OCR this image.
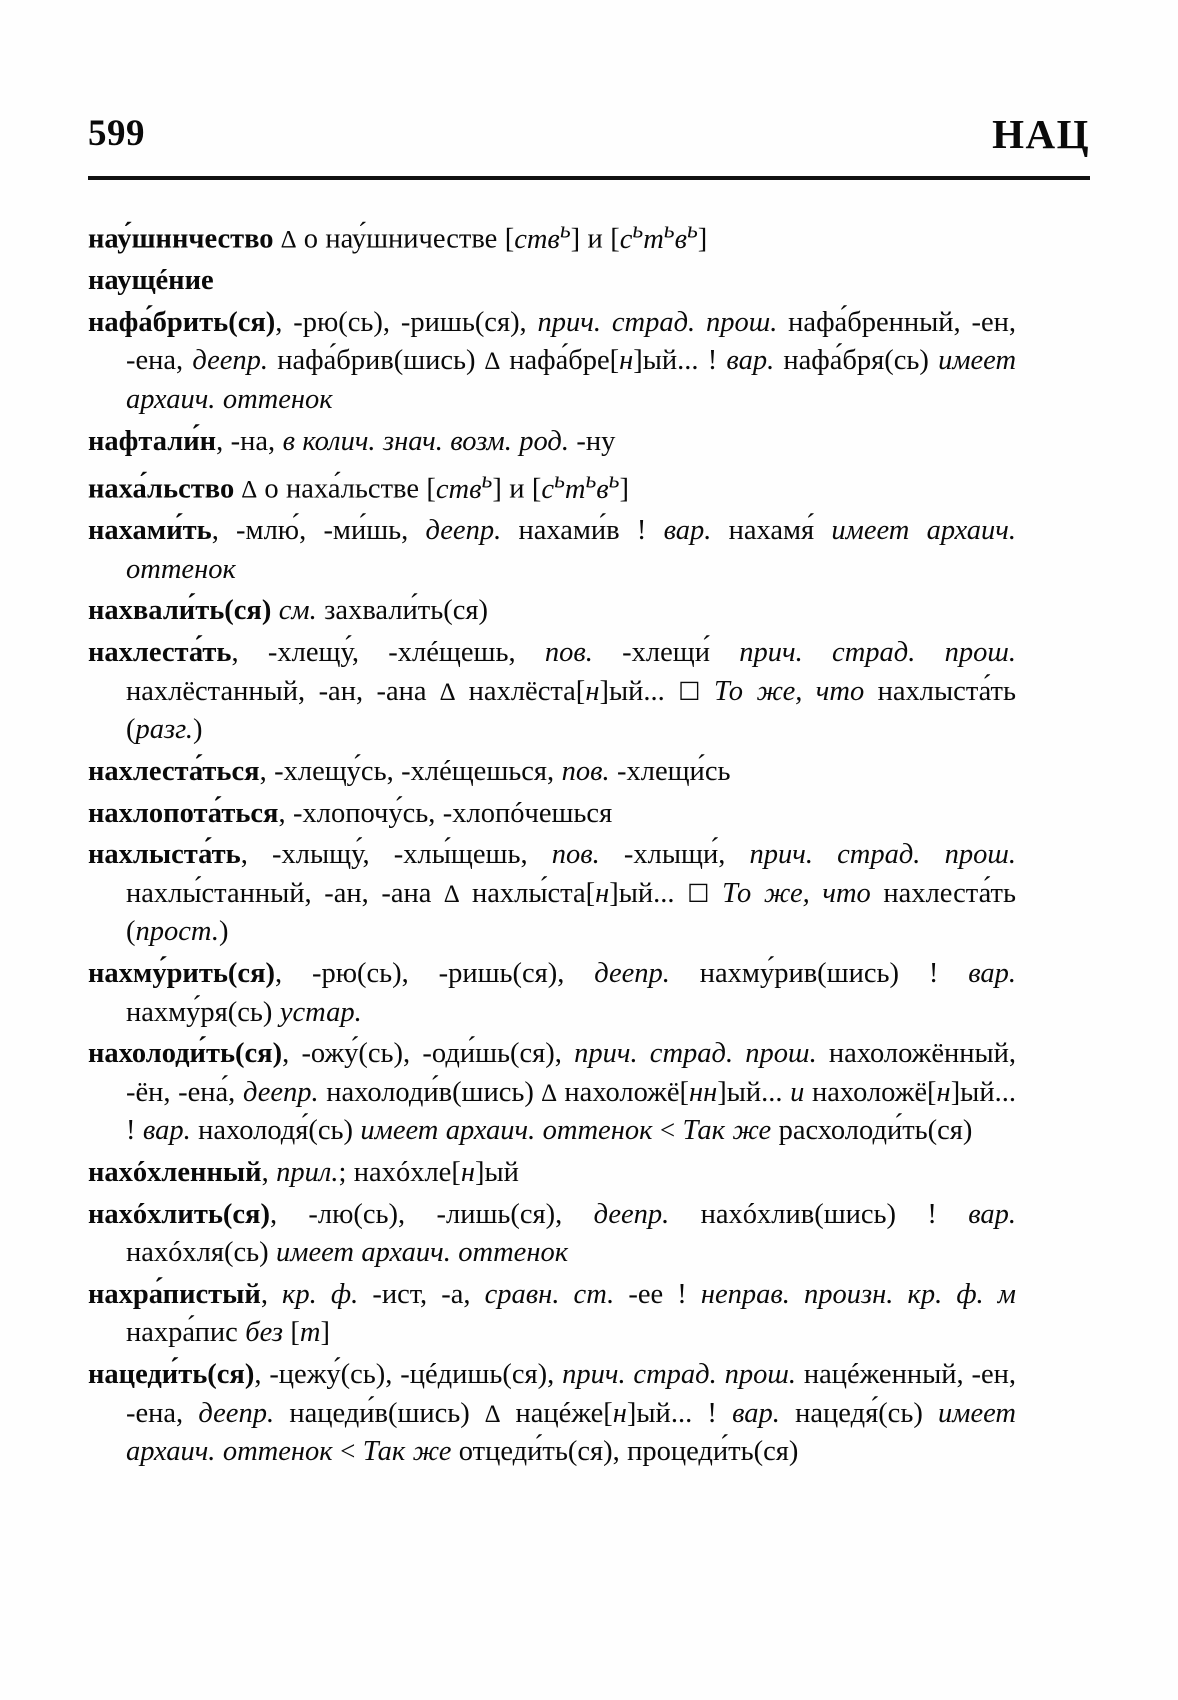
599	НАЦ

нау́шннчество ∆ о нау́шничестве [ств$^ь$] и $[с^ьт^ьв^ь]$

наущéние

нафа́брить(ся), -рю(сь), -ришь(ся), прич. страд. прош. нафа́бренный, -ен, -ена, деепр. нафа́брив(шись) ∆ нафа́бре[н]ый... ! вар. нафа́бря(сь) имеет архаич. оттенок

нафтали́н, -на, в колич. знач. возм. род. -ну

наха́льство ∆ о наха́льстве [ств$^ь$] и $[с^ьт^ьв^ь]$

нахами́ть, -млю́, -ми́шь, деепр. нахами́в ! вар. нахамя́ имеет архаич. оттенок

нахвали́ть(ся) см. захвали́ть(ся)

нахлеста́ть, -хлещу́, -хлéщешь, пов. -хлещи́ прич. страд. прош. нахлёстанный, -ан, -ана ∆ нахлёста[н]ый... ☐ То же, что нахлыста́ть (разг.)

нахлеста́ться, -хлещу́сь, -хлéщешься, пов. -хлещи́сь

нахлопота́ться, -хлопочу́сь, -хлопóчешься

нахлыста́ть, -хлыщу́, -хлы́щешь, пов. -хлыщи́, прич. страд. прош. нахлы́станный, -ан, -ана ∆ нахлы́ста[н]ый... ☐ То же, что нахлеста́ть (прост.)

нахму́рить(ся), -рю(сь), -ришь(ся), деепр. нахму́рив(шись) ! вар. нахму́ря(сь) устар.

нахолоди́ть(ся), -ожу́(сь), -оди́шь(ся), прич. страд. прош. нахоложённый, -ён, -ена́, деепр. нахолоди́в(шись) ∆ нахоложё[нн]ый... и нахоложё[н]ый... ! вар. нахолодя́(сь) имеет архаич. оттенок < Так же расхолоди́ть(ся)

нахóхленный, прил.; нахóхле[н]ый

нахóхлить(ся), -лю(сь), -лишь(ся), деепр. нахóхлив(шись) ! вар. нахóхля(сь) имеет архаич. оттенок

нахра́пистый, кр. ф. -ист, -а, сравн. ст. -ее ! неправ. произн. кр. ф. м нахра́пис без [т]

нацеди́ть(ся), -цежу́(сь), -цéдишь(ся), прич. страд. прош. нацéженный, -ен, -ена, деепр. нацеди́в(шись) ∆ нацéже[н]ый... ! вар. нацедя́(сь) имеет архаич. оттенок < Так же отцеди́ть(ся), процеди́ть(ся)
